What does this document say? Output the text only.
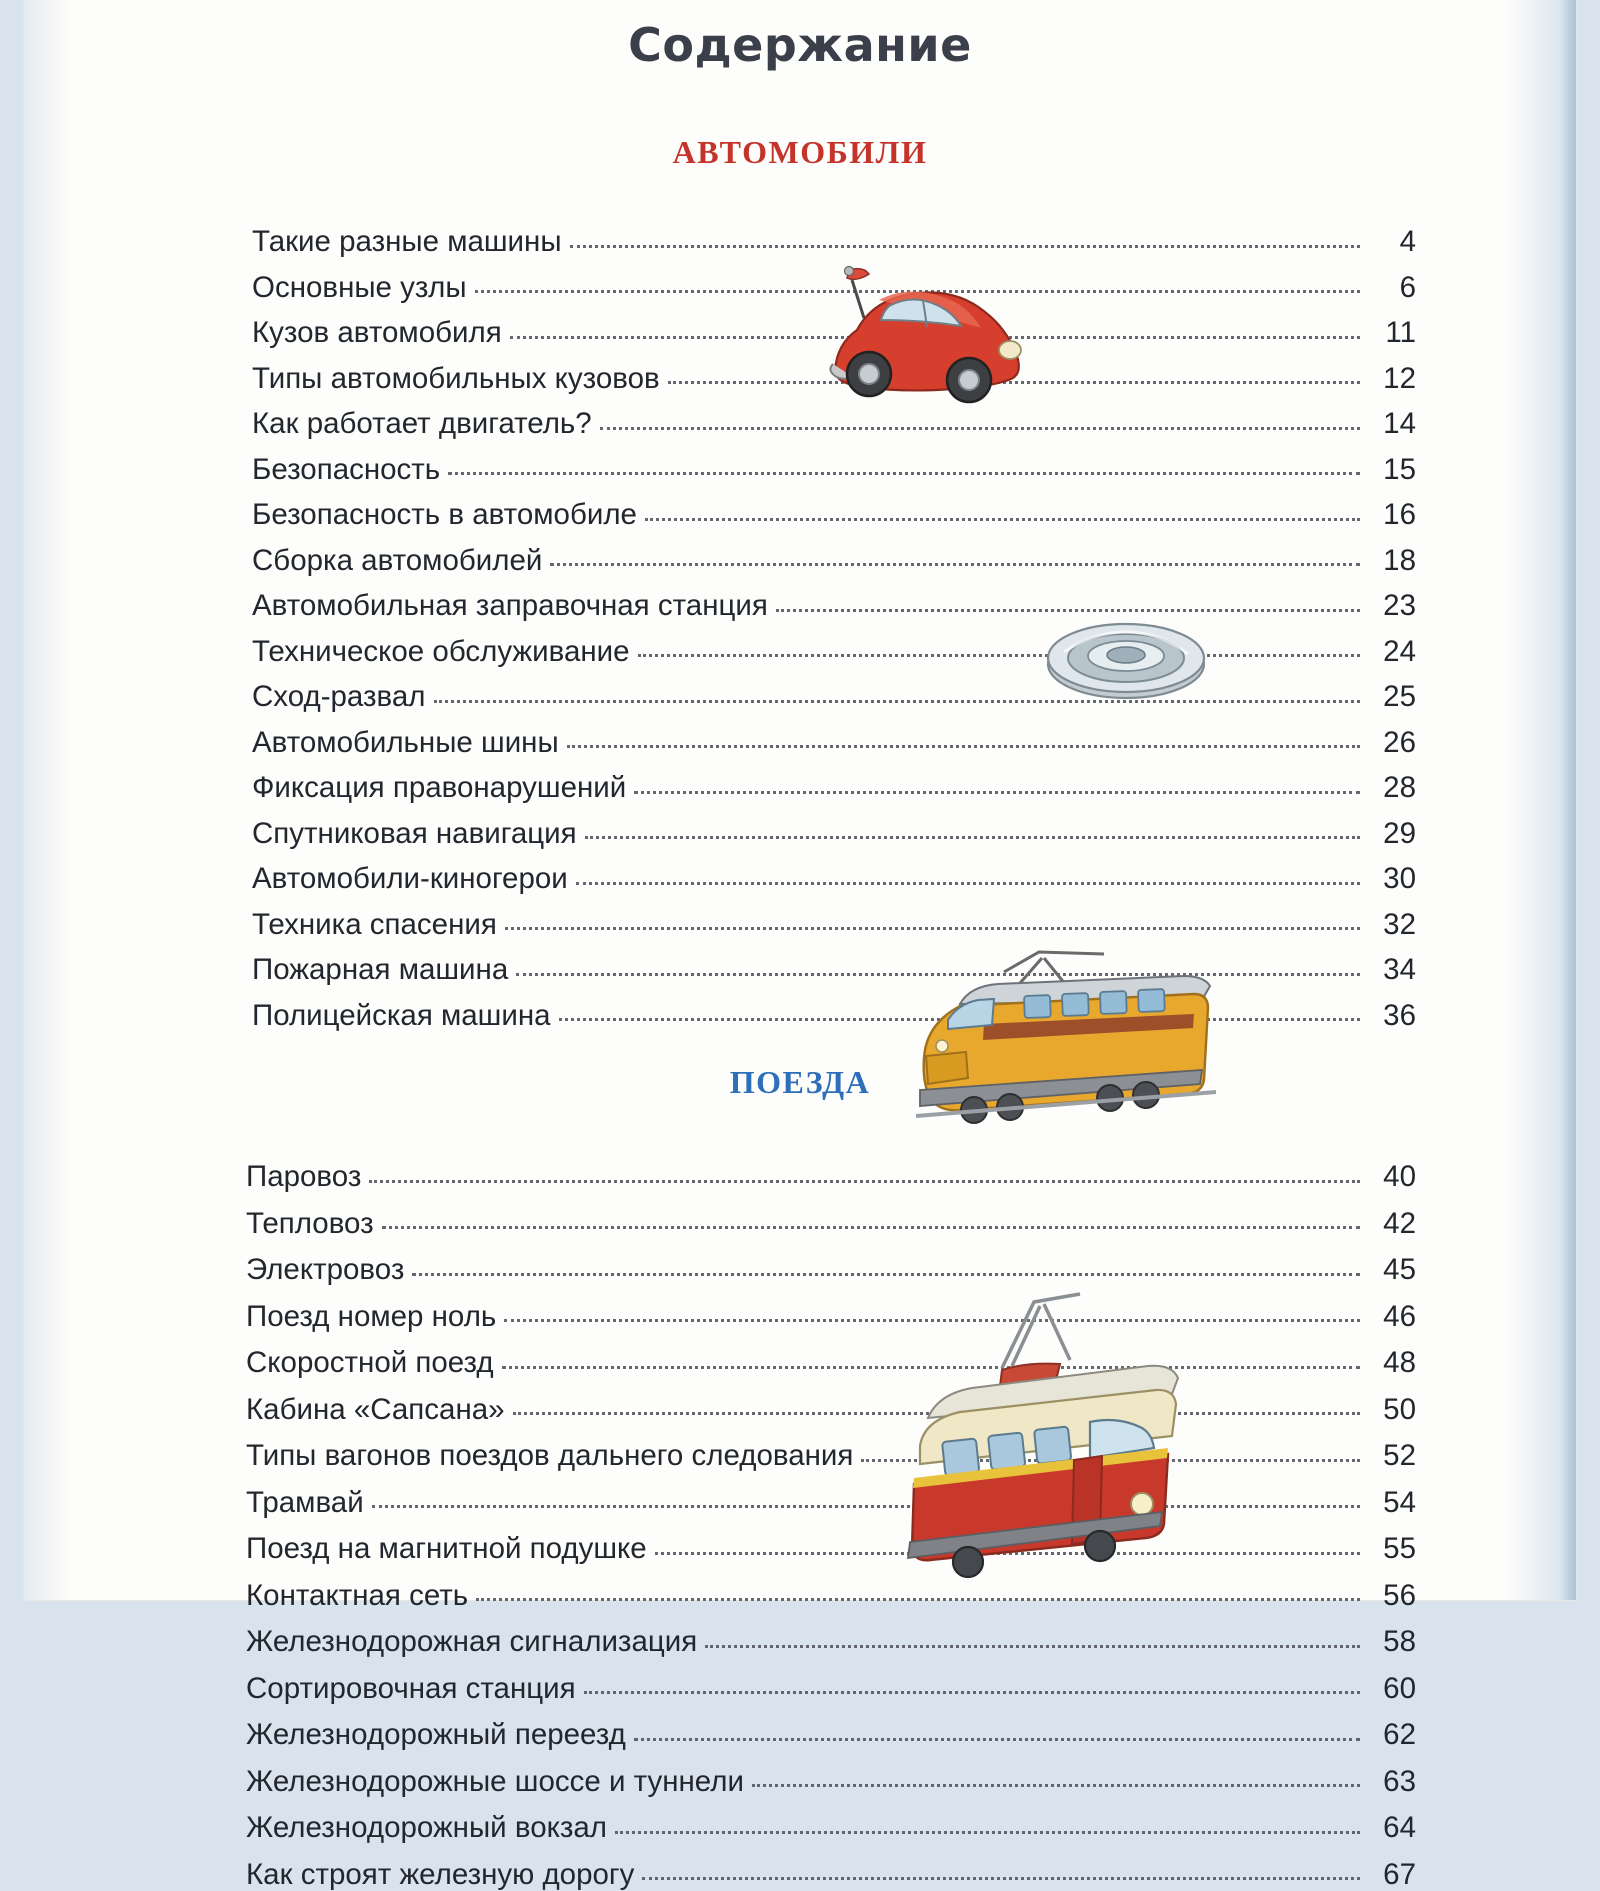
Содержание
АВТОМОБИЛИ
Такие разные машины	4
Основные узлы	6
Кузов автомобиля	11
Типы автомобильных кузовов	12
Как работает двигатель?	14
Безопасность	15
Безопасность в автомобиле	16
Сборка автомобилей	18
Автомобильная заправочная станция	23
Техническое обслуживание	24
Сход-развал	25
Автомобильные шины	26
Фиксация правонарушений	28
Спутниковая навигация	29
Автомобили-киногерои	30
Техника спасения	32
Пожарная машина	34
Полицейская машина	36
ПОЕЗДА
Паровоз	40
Тепловоз	42
Электровоз	45
Поезд номер ноль	46
Скоростной поезд	48
Кабина «Сапсана»	50
Типы вагонов поездов дальнего следования	52
Трамвай	54
Поезд на магнитной подушке	55
Контактная сеть	56
Железнодорожная сигнализация	58
Сортировочная станция	60
Железнодорожный переезд	62
Железнодорожные шоссе и туннели	63
Железнодорожный вокзал	64
Как строят железную дорогу	67
